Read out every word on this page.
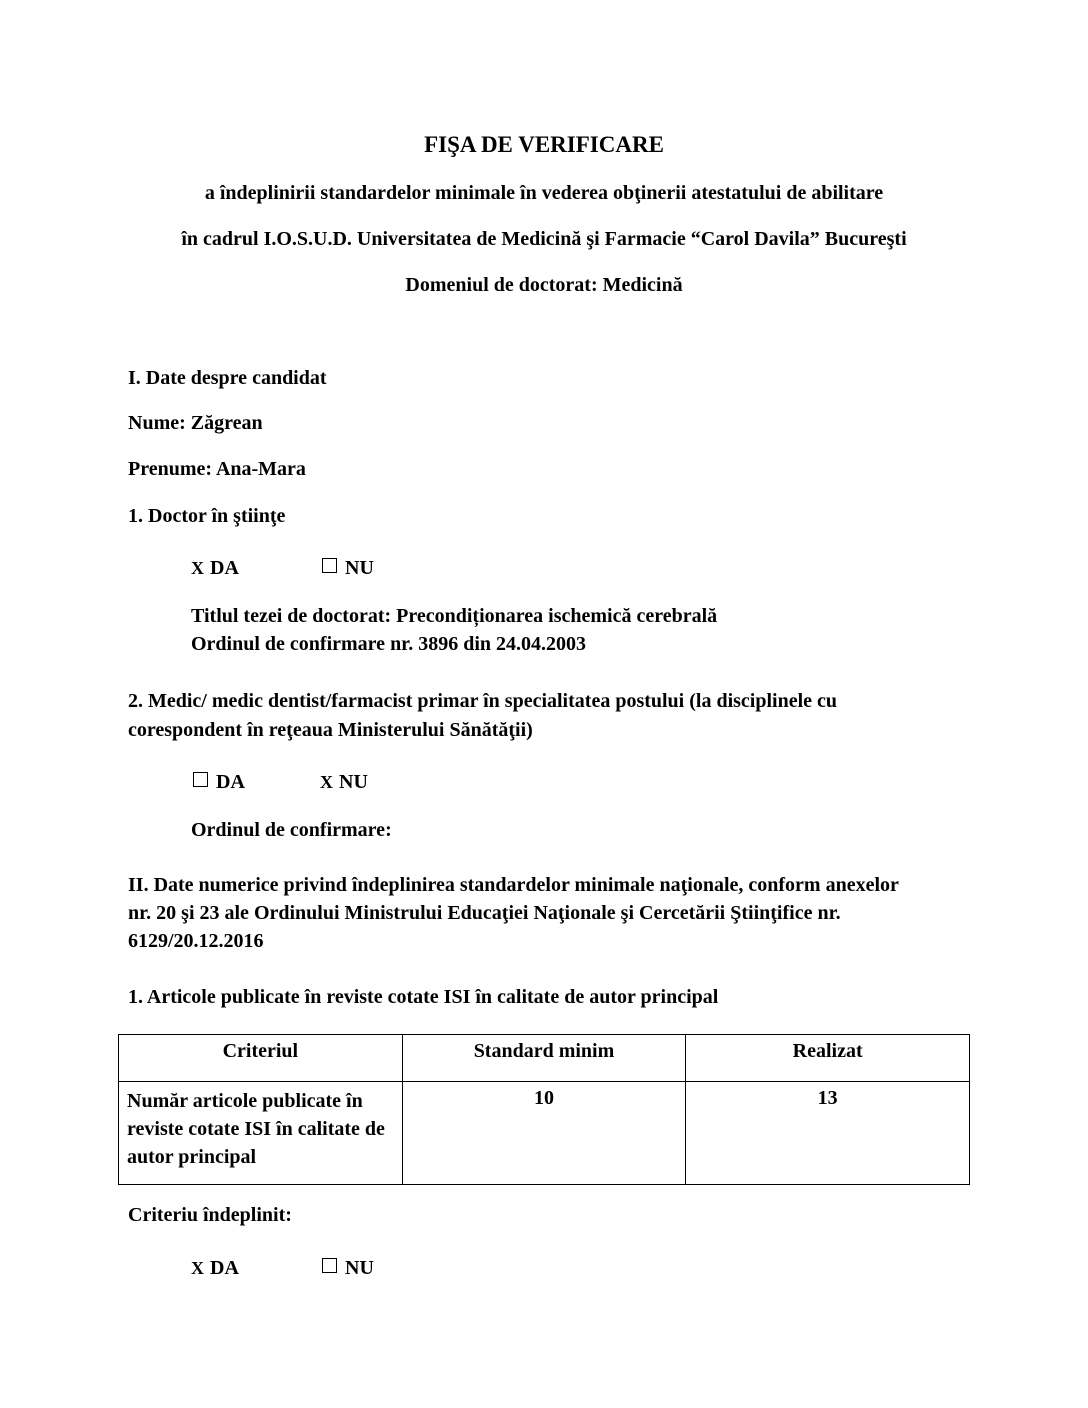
FIŞA DE VERIFICARE
a îndeplinirii standardelor minimale în vederea obţinerii atestatului de abilitare
în cadrul I.O.S.U.D. Universitatea de Medicină şi Farmacie “Carol Davila” Bucureşti
Domeniul de doctorat: Medicină
I. Date despre candidat
Nume: Zăgrean
Prenume: Ana-Mara
1. Doctor în ştiinţe
X DA	NU
Titlul tezei de doctorat: Precondiționarea ischemică cerebrală
Ordinul de confirmare nr. 3896 din 24.04.2003
2. Medic/ medic dentist/farmacist primar în specialitatea postului (la disciplinele cu
corespondent în reţeaua Ministerului Sănătăţii)
DA	X NU
Ordinul de confirmare:
II. Date numerice privind îndeplinirea standardelor minimale naţionale, conform anexelor
nr. 20 şi 23 ale Ordinului Ministrului Educaţiei Naţionale şi Cercetării Ştiinţifice nr.
6129/20.12.2016
1. Articole publicate în reviste cotate ISI în calitate de autor principal
Criteriul	Standard minim	Realizat

Număr articole publicate în reviste cotate ISI în calitate de autor principal	10	13
Criteriu îndeplinit:
X DA	NU
